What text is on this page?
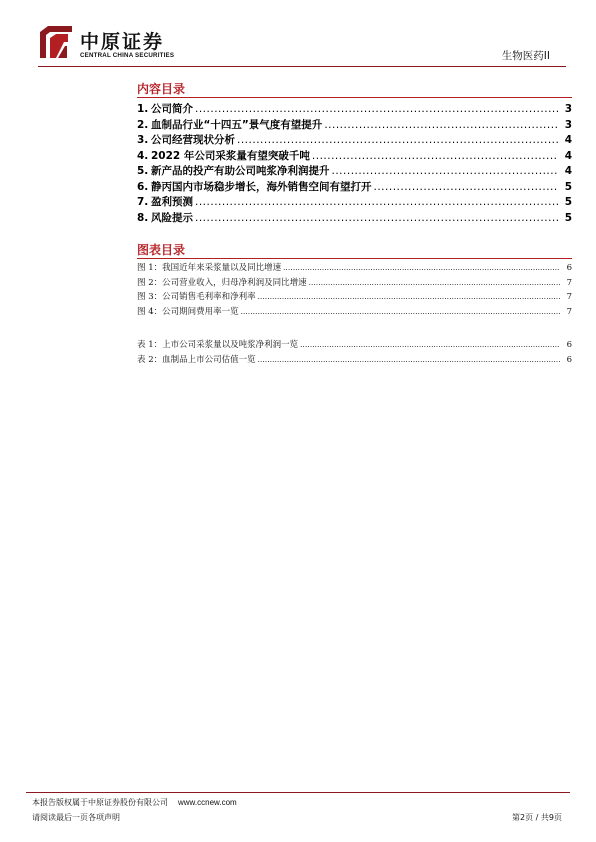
中原证券
CENTRAL CHINA SECURITIES	生物医药II
内容目录
1. 公司简介 .....	3
2. 血制品行业“十四五”景气度有望提升 .....	3
3. 公司经营现状分析 .....	4
4. 2022 年公司采浆量有望突破千吨 .....	4
5. 新产品的投产有助公司吨浆净利润提升 .....	4
6. 静丙国内市场稳步增长，海外销售空间有望打开 .....	5
7. 盈利预测 .....	5
8. 风险提示 .....	5
图表目录
图 1：我国近年来采浆量以及同比增速 .....	6
图 2：公司营业收入，归母净利润及同比增速 .....	7
图 3：公司销售毛利率和净利率 .....	7
图 4：公司期间费用率一览 .....	7
表 1：上市公司采浆量以及吨浆净利润一览 .....	6
表 2：血制品上市公司估值一览 .....	6
本报告版权属于中原证券股份有限公司 www.ccnew.com
请阅读最后一页各项声明	第2页 / 共9页
